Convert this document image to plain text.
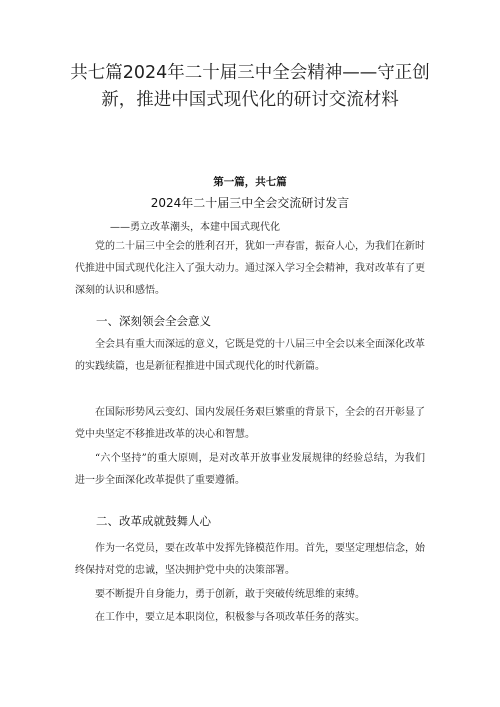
共七篇2024年二十届三中全会精神——守正创新，推进中国式现代化的研讨交流材料
第一篇，共七篇
2024年二十届三中全会交流研讨发言
——勇立改革潮头，本建中国式现代化
党的二十届三中全会的胜利召开，犹如一声春雷，振奋人心，为我们在新时代推进中国式现代化注入了强大动力。通过深入学习全会精神，我对改革有了更深刻的认识和感悟。
一、深刻领会全会意义
全会具有重大而深远的意义，它既是党的十八届三中全会以来全面深化改革的实践续篇，也是新征程推进中国式现代化的时代新篇。
在国际形势风云变幻、国内发展任务艰巨繁重的背景下，全会的召开彰显了党中央坚定不移推进改革的决心和智慧。
“六个坚持”的重大原则，是对改革开放事业发展规律的经验总结，为我们进一步全面深化改革提供了重要遵循。
二、改革成就鼓舞人心
作为一名党员，要在改革中发挥先锋模范作用。首先，要坚定理想信念，始终保持对党的忠诚，坚决拥护党中央的决策部署。
要不断提升自身能力，勇于创新，敢于突破传统思维的束缚。
在工作中，要立足本职岗位，积极参与各项改革任务的落实。
